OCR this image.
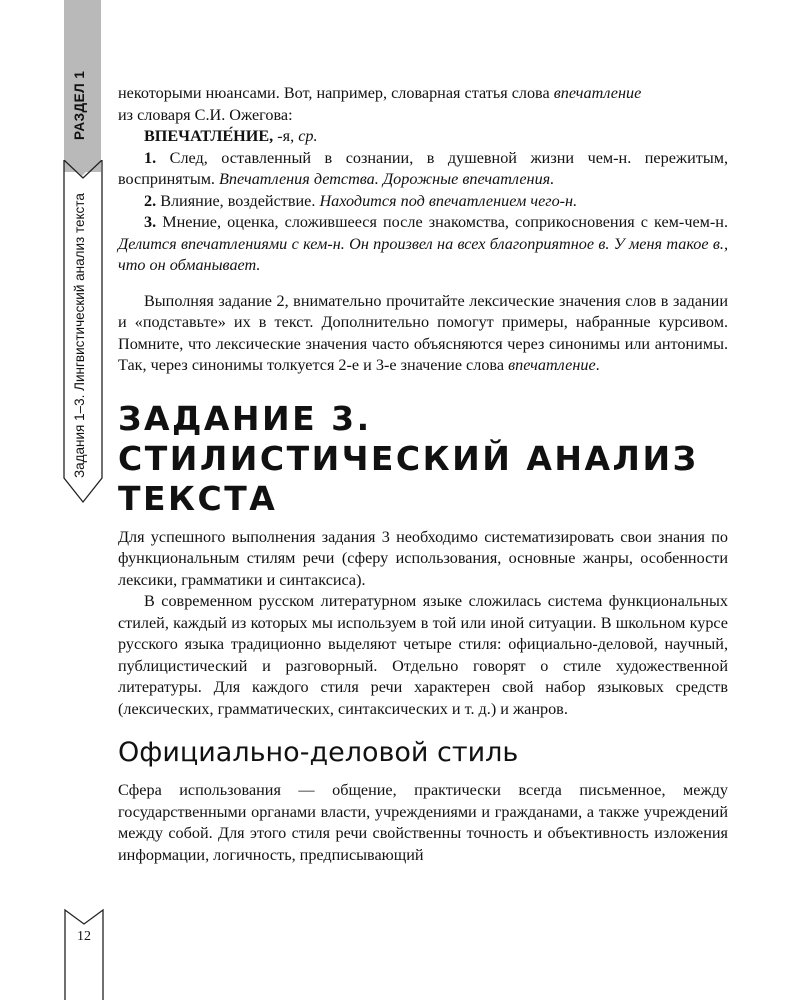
РАЗДЕЛ 1
Задания 1–3. Лингвистический анализ текста
12

некоторыми нюансами. Вот, например, словарная статья слова впечатление
из словаря С.И. Ожегова:

ВПЕЧАТЛЕ́НИЕ, -я, ср.

1. След, оставленный в сознании, в душевной жизни чем-н. пережитым, воспринятым. Впечатления детства. Дорожные впечатления.

2. Влияние, воздействие. Находится под впечатлением чего-н.

3. Мнение, оценка, сложившееся после знакомства, соприкосновения с кем-чем-н. Делится впечатлениями с кем-н. Он произвел на всех благоприятное в. У меня такое в., что он обманывает.

Выполняя задание 2, внимательно прочитайте лексические значения слов в задании и «подставьте» их в текст. Дополнительно помогут примеры, набранные курсивом. Помните, что лексические значения часто объясняются через синонимы или антонимы. Так, через синонимы толкуется 2-е и 3-е значение слова впечатление.

ЗАДАНИЕ 3. СТИЛИСТИЧЕСКИЙ АНАЛИЗ ТЕКСТА

Для успешного выполнения задания 3 необходимо систематизировать свои знания по функциональным стилям речи (сферу использования, основные жанры, особенности лексики, грамматики и синтаксиса).

В современном русском литературном языке сложилась система функциональных стилей, каждый из которых мы используем в той или иной ситуации. В школьном курсе русского языка традиционно выделяют четыре стиля: официально-деловой, научный, публицистический и разговорный. Отдельно говорят о стиле художественной литературы. Для каждого стиля речи характерен свой набор языковых средств (лексических, грамматических, синтаксических и т. д.) и жанров.

Официально-деловой стиль

Сфера использования — общение, практически всегда письменное, между государственными органами власти, учреждениями и гражданами, а также учреждений между собой. Для этого стиля речи свойственны точность и объективность изложения информации, логичность, предписывающий
